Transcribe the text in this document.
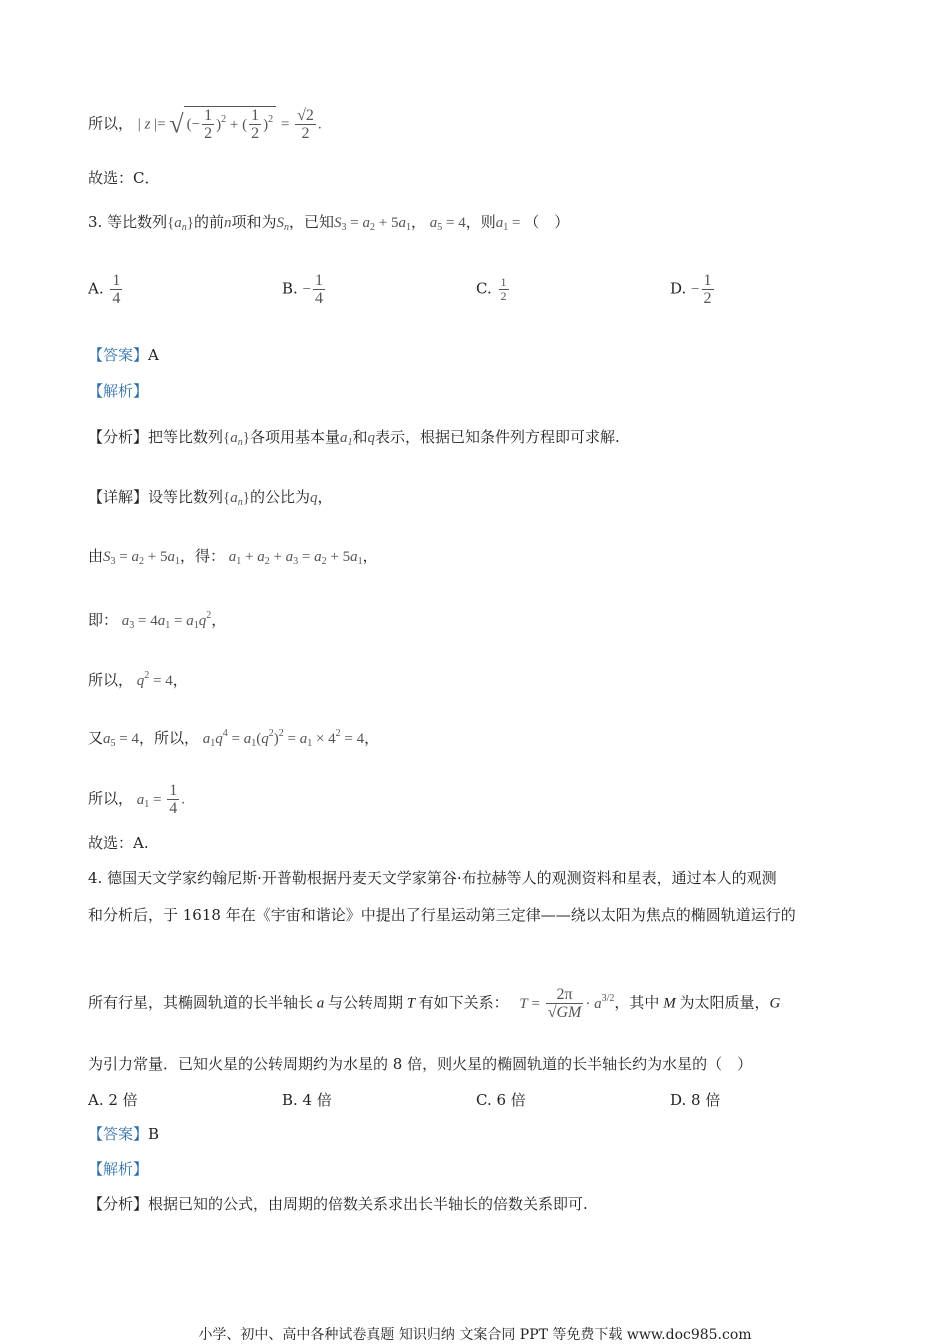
所以， | z |= √ (− $\frac{1}{2} )^2$ + ( $\frac{1}{2} )^2 = \frac{√2}{2}$ .
故选：C．
3. 等比数列$\{a_n\}$的前n项和为$S_n$，已知$S_3 = a_2 + 5a_1$， $a_5 = 4$，则$a_1$ = （　）
A. $\frac{1}{4}$	B. − $\frac{1}{4}$	C. $\frac{1}{2}$	D. − $\frac{1}{2}$
【答案】A
【解析】
【分析】把等比数列$\{a_n\}$各项用基本量$a_1$和q表示，根据已知条件列方程即可求解.
【详解】设等比数列$\{a_n\}$的公比为q，
由$S_3 = a_2 + 5a_1$，得： $a_1 + a_2 + a_3 = a_2 + 5a_1$，
即： $a_3 = 4a_1 = a_1q^2$，
所以， $q^2 = 4$，
又$a_5 = 4$，所以， $a_1q^4 = a_1(q^2)^2 = a_1 \times 4^2 = 4$，
所以， $a_1 = \frac{1}{4}$ .
故选：A.
4. 德国天文学家约翰尼斯·开普勒根据丹麦天文学家第谷·布拉赫等人的观测资料和星表，通过本人的观测
和分析后，于 1618 年在《宇宙和谐论》中提出了行星运动第三定律——绕以太阳为焦点的椭圆轨道运行的
所有行星，其椭圆轨道的长半轴长 a 与公转周期 T 有如下关系： $T = \frac{2\pi}{√GM} \cdot a^{3/2}$，其中 M 为太阳质量，G
为引力常量．已知火星的公转周期约为水星的 8 倍，则火星的椭圆轨道的长半轴长约为水星的（　）
A. 2 倍	B. 4 倍	C. 6 倍	D. 8 倍
【答案】B
【解析】
【分析】根据已知的公式，由周期的倍数关系求出长半轴长的倍数关系即可.
小学、初中、高中各种试卷真题 知识归纳 文案合同 PPT 等免费下载 www.doc985.com
